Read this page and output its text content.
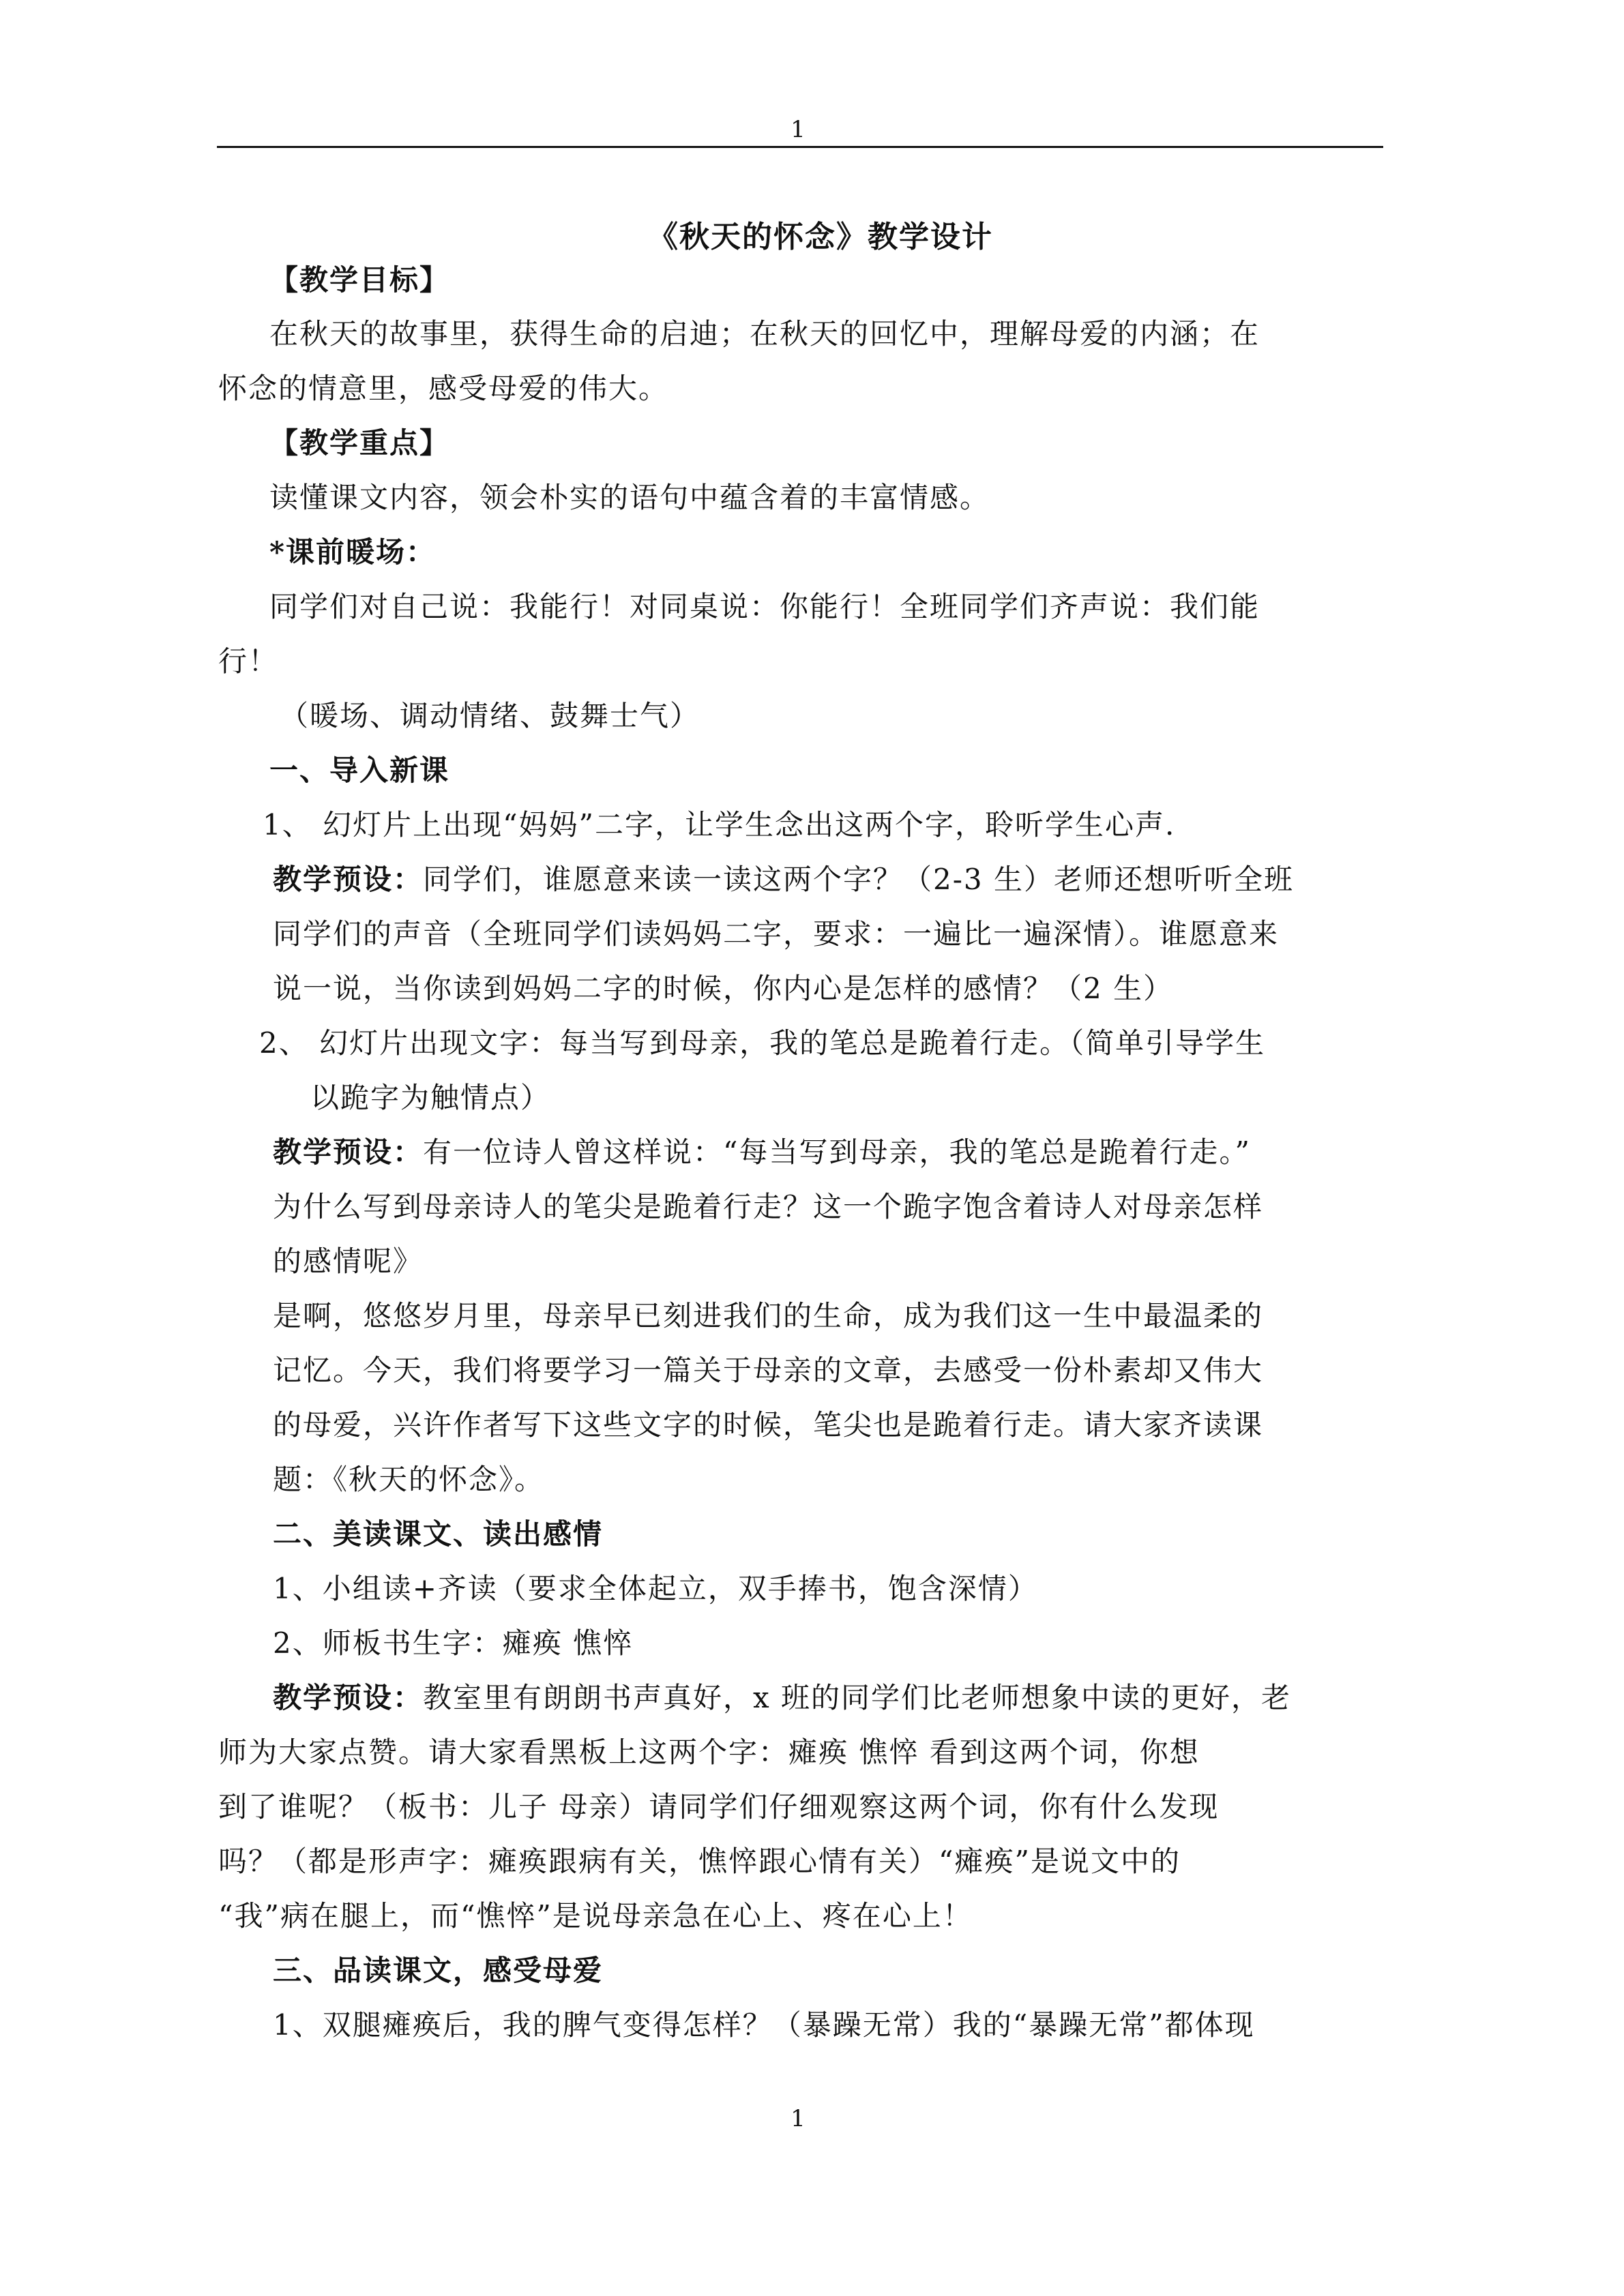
1
《秋天的怀念》教学设计
【教学目标】
在秋天的故事里，获得生命的启迪；在秋天的回忆中，理解母爱的内涵；在
怀念的情意里，感受母爱的伟大。
【教学重点】
读懂课文内容，领会朴实的语句中蕴含着的丰富情感。
*课前暖场：
同学们对自己说：我能行！对同桌说：你能行！全班同学们齐声说：我们能
行！
（暖场、调动情绪、鼓舞士气）
一、导入新课
1、 幻灯片上出现“妈妈”二字，让学生念出这两个字，聆听学生心声.
教学预设：同学们，谁愿意来读一读这两个字？（2-3 生）老师还想听听全班
同学们的声音（全班同学们读妈妈二字，要求：一遍比一遍深情）。谁愿意来
说一说，当你读到妈妈二字的时候，你内心是怎样的感情？（2 生）
2、 幻灯片出现文字：每当写到母亲，我的笔总是跪着行走。（简单引导学生
以跪字为触情点）
教学预设：有一位诗人曾这样说：“每当写到母亲，我的笔总是跪着行走。”
为什么写到母亲诗人的笔尖是跪着行走？这一个跪字饱含着诗人对母亲怎样
的感情呢》
是啊，悠悠岁月里，母亲早已刻进我们的生命，成为我们这一生中最温柔的
记忆。今天，我们将要学习一篇关于母亲的文章，去感受一份朴素却又伟大
的母爱，兴许作者写下这些文字的时候，笔尖也是跪着行走。请大家齐读课
题：《秋天的怀念》。
二、美读课文、读出感情
1、小组读+齐读（要求全体起立，双手捧书，饱含深情）
2、师板书生字：瘫痪 憔悴
教学预设：教室里有朗朗书声真好，x 班的同学们比老师想象中读的更好，老
师为大家点赞。请大家看黑板上这两个字：瘫痪 憔悴 看到这两个词，你想
到了谁呢？（板书：儿子 母亲）请同学们仔细观察这两个词，你有什么发现
吗？（都是形声字：瘫痪跟病有关，憔悴跟心情有关）“瘫痪”是说文中的
“我”病在腿上，而“憔悴”是说母亲急在心上、疼在心上！
三、品读课文，感受母爱
1、双腿瘫痪后，我的脾气变得怎样？（暴躁无常）我的“暴躁无常”都体现
1
